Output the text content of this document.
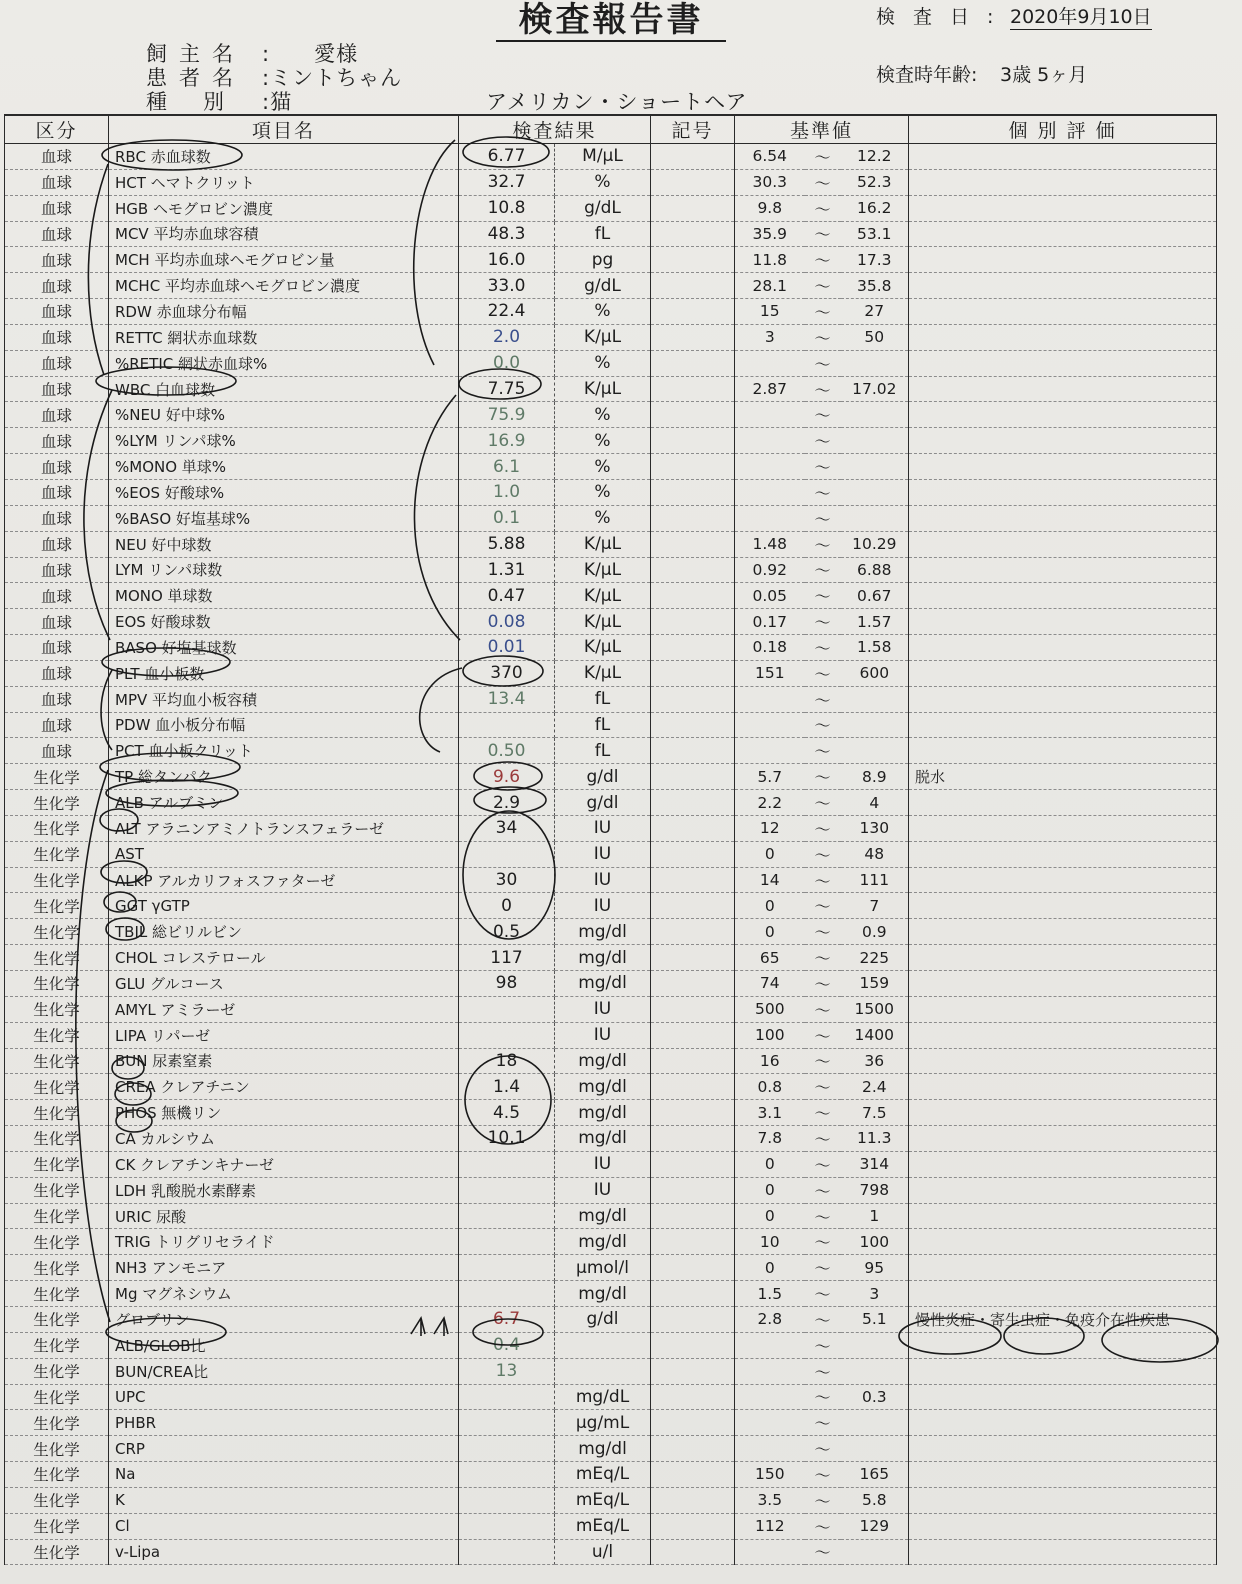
検査報告書	検査日:
2020年9月10日
飼主名 :　　愛様
患者名 :ミントちゃん
種別 :猫	アメリカン・ショートヘア
検査時年齢: 3歳 5ヶ月
区分	項目名	検査結果		記号	基準値			個 別 評 価
血球	RBC 赤血球数	6.77	M/μL		6.54	～	12.2	
血球	HCT ヘマトクリット	32.7	%		30.3	～	52.3	
血球	HGB ヘモグロビン濃度	10.8	g/dL		9.8	～	16.2	
血球	MCV 平均赤血球容積	48.3	fL		35.9	～	53.1	
血球	MCH 平均赤血球ヘモグロビン量	16.0	pg		11.8	～	17.3	
血球	MCHC 平均赤血球ヘモグロビン濃度	33.0	g/dL		28.1	～	35.8	
血球	RDW 赤血球分布幅	22.4	%		15	～	27	
血球	RETTC 網状赤血球数	2.0	K/μL		3	～	50	
血球	%RETIC 網状赤血球%	0.0	%			～		
血球	WBC 白血球数	7.75	K/μL		2.87	～	17.02	
血球	%NEU 好中球%	75.9	%			～		
血球	%LYM リンパ球%	16.9	%			～		
血球	%MONO 単球%	6.1	%			～		
血球	%EOS 好酸球%	1.0	%			～		
血球	%BASO 好塩基球%	0.1	%			～		
血球	NEU 好中球数	5.88	K/μL		1.48	～	10.29	
血球	LYM リンパ球数	1.31	K/μL		0.92	～	6.88	
血球	MONO 単球数	0.47	K/μL		0.05	～	0.67	
血球	EOS 好酸球数	0.08	K/μL		0.17	～	1.57	
血球	BASO 好塩基球数	0.01	K/μL		0.18	～	1.58	
血球	PLT 血小板数	370	K/μL		151	～	600	
血球	MPV 平均血小板容積	13.4	fL			～		
血球	PDW 血小板分布幅		fL			～		
血球	PCT 血小板クリット	0.50	fL			～		
生化学	TP 総タンパク	9.6	g/dl		5.7	～	8.9	脱水
生化学	ALB アルブミン	2.9	g/dl		2.2	～	4	
生化学	ALT アラニンアミノトランスフェラーゼ	34	IU		12	～	130	
生化学	AST		IU		0	～	48	
生化学	ALKP アルカリフォスファターゼ	30	IU		14	～	111	
生化学	GGT γGTP	0	IU		0	～	7	
生化学	TBIL 総ビリルビン	0.5	mg/dl		0	～	0.9	
生化学	CHOL コレステロール	117	mg/dl		65	～	225	
生化学	GLU グルコース	98	mg/dl		74	～	159	
生化学	AMYL アミラーゼ		IU		500	～	1500	
生化学	LIPA リパーゼ		IU		100	～	1400	
生化学	BUN 尿素窒素	18	mg/dl		16	～	36	
生化学	CREA クレアチニン	1.4	mg/dl		0.8	～	2.4	
生化学	PHOS 無機リン	4.5	mg/dl		3.1	～	7.5	
生化学	CA カルシウム	10.1	mg/dl		7.8	～	11.3	
生化学	CK クレアチンキナーゼ		IU		0	～	314	
生化学	LDH 乳酸脱水素酵素		IU		0	～	798	
生化学	URIC 尿酸		mg/dl		0	～	1	
生化学	TRIG トリグリセライド		mg/dl		10	～	100	
生化学	NH3 アンモニア		μmol/l		0	～	95	
生化学	Mg マグネシウム		mg/dl		1.5	～	3	
生化学	グロブリン	6.7	g/dl		2.8	～	5.1	慢性炎症・寄生虫症・免疫介在性疾患
生化学	ALB/GLOB比	0.4				～		
生化学	BUN/CREA比	13				～		
生化学	UPC		mg/dL			～	0.3	
生化学	PHBR		μg/mL			～		
生化学	CRP		mg/dl			～		
生化学	Na		mEq/L		150	～	165	
生化学	K		mEq/L		3.5	～	5.8	
生化学	Cl		mEq/L		112	～	129	
生化学	v-Lipa		u/l			～		
